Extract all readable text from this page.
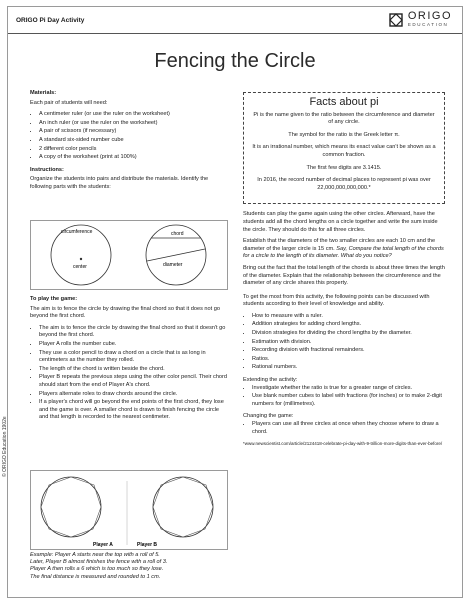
ORIGO Pi Day Activity	ORIGO
EDUCATION
© ORIGO Education 1902e
Fencing the Circle
Materials:

Each pair of students will need:

• A centimeter ruler (or use the ruler on the worksheet)
• An inch ruler (or use the ruler on the worksheet)
• A pair of scissors (if necessary)
• A standard six-sided number cube
• 2 different color pencils
• A copy of the worksheet (print at 100%)
Instructions:

Organize the students into pairs and distribute the materials. Identify the following parts with the students:

circumference
center
chord
diameter
To play the game:

The aim is to fence the circle by drawing the final chord so that it does not go beyond the first chord.

• The aim is to fence the circle by drawing the final chord so that it doesn't go beyond the first chord.
• Player A rolls the number cube.
• They use a color pencil to draw a chord on a circle that is as long in centimeters as the number they rolled.
• The length of the chord is written beside the chord.
• Player B repeats the previous steps using the other color pencil. Their chord should start from the end of Player A's chord.
• Players alternate roles to draw chords around the circle.
• If a player's chord will go beyond the end points of the first chord, they lose and the game is over. A smaller chord is drawn to finish fencing the circle and that length is recorded to the nearest centimeter.
Player A	Player B
Example: Player A starts near the top with a roll of 5.
Later, Player B almost finishes the fence with a roll of 3.
Player A then rolls a 6 which is too much so they lose.
The final distance is measured and rounded to 1 cm.
Facts about pi

Pi is the name given to the ratio between the circumference and diameter of any circle.

The symbol for the ratio is the Greek letter π.

It is an irrational number, which means its exact value can't be shown as a common fraction.

The first few digits are 3.1415.

In 2016, the record number of decimal places to represent pi was over 22,000,000,000,000.*

Students can play the game again using the other circles. Afterward, have the students add all the chord lengths on a circle together and write the sum inside the circle. They should do this for all three circles.

Establish that the diameters of the two smaller circles are each 10 cm and the diameter of the larger circle is 15 cm. Say, Compare the total length of the chords for a circle to the length of its diameter. What do you notice?

Bring out the fact that the total length of the chords is about three times the length of the diameter. Explain that the relationship between the circumference and the diameter of any circle shares this property.

To get the most from this activity, the following points can be discussed with students according to their level of knowledge and ability.

• How to measure with a ruler.
• Addition strategies for adding chord lengths.
• Division strategies for dividing the chord lengths by the diameter.
• Estimation with division.
• Recording division with fractional remainders.
• Ratios.
• Rational numbers.
Extending the activity:
• Investigate whether the ratio is true for a greater range of circles.
• Use blank number cubes to label with fractions (for inches) or to make 2-digit numbers for (millimetres).
Changing the game:
• Players can use all three circles at once when they choose where to draw a chord.
*www.newscientist.com/article/2124418-celebrate-pi-day-with-9-trillion-more-digits-than-ever-before/
